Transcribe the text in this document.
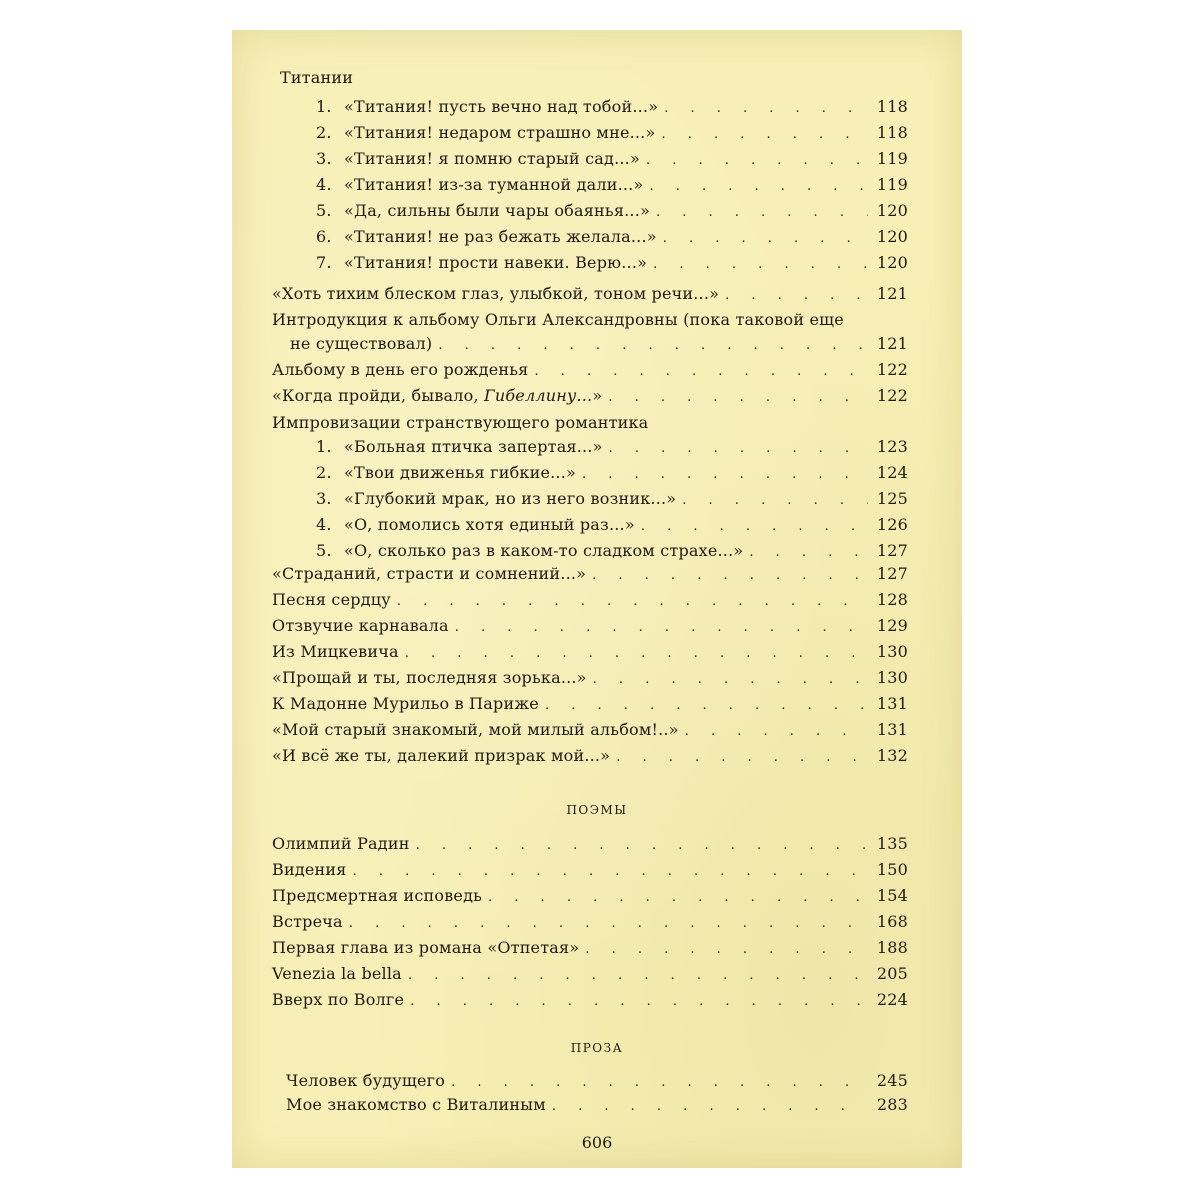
Титании
1. «Титания! пусть вечно над тобой...» . . .	118
2. «Титания! недаром страшно мне...» . . .	118
3. «Титания! я помню старый сад...» . . .	119
4. «Титания! из-за туманной дали...» . . .	119
5. «Да, сильны были чары обаянья...» . . .	120
6. «Титания! не раз бежать желала...» . . .	120
7. «Титания! прости навеки. Верю...» . . .	120
«Хоть тихим блеском глаз, улыбкой, тоном речи...» . . .	121
Интродукция к альбому Ольги Александровны (пока таковой еще
не существовал) . . .	121
Альбому в день его рожденья . . .	122
«Когда пройди, бывало, Гибеллину...» . . .	122
Импровизации странствующего романтика
1. «Больная птичка запертая...» . . .	123
2. «Твои движенья гибкие...» . . .	124
3. «Глубокий мрак, но из него возник...» . . .	125
4. «О, помолись хотя единый раз...» . . .	126
5. «О, сколько раз в каком-то сладком страхе...» . . .	127
«Страданий, страсти и сомнений...» . . .	127
Песня сердцу . . .	128
Отзвучие карнавала . . .	129
Из Мицкевича . . .	130
«Прощай и ты, последняя зорька...» . . .	130
К Мадонне Мурильо в Париже . . .	131
«Мой старый знакомый, мой милый альбом!..» . . .	131
«И всё же ты, далекий призрак мой...» . . .	132
ПОЭМЫ
Олимпий Радин . . .	135
Видения . . .	150
Предсмертная исповедь . . .	154
Встреча . . .	168
Первая глава из романа «Отпетая» . . .	188
Venezia la bella . . .	205
Вверх по Волге . . .	224
ПРОЗА
Человек будущего . . .	245
Мое знакомство с Виталиным . . .	283
606
